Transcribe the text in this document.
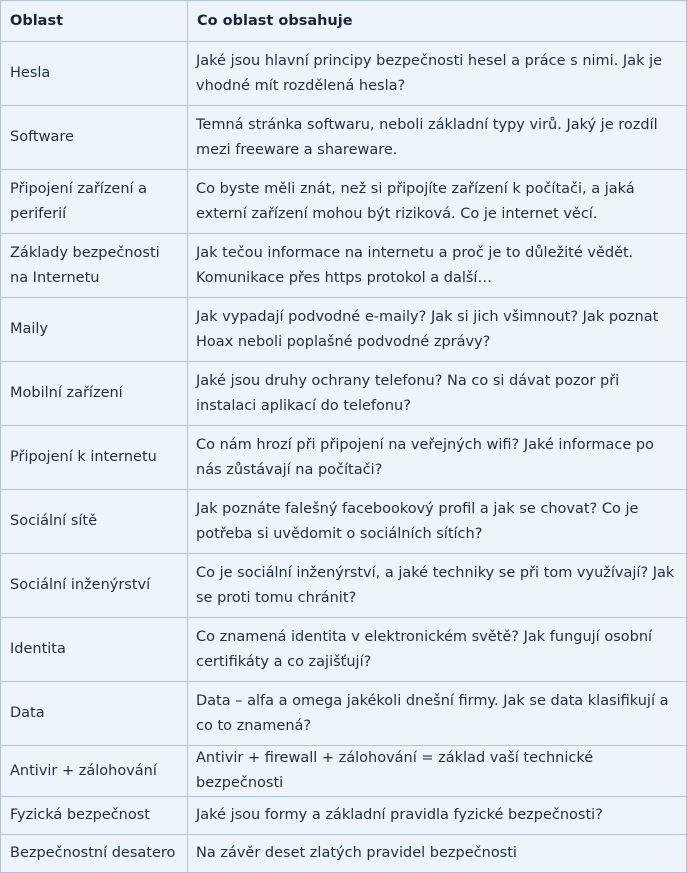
Oblast	Co oblast obsahuje
Hesla	Jaké jsou hlavní principy bezpečnosti hesel a práce s nimi. Jak je vhodné mít rozdělená hesla?
Software	Temná stránka softwaru, neboli základní typy virů. Jaký je rozdíl mezi freeware a shareware.
Připojení zařízení a periferií	Co byste měli znát, než si připojíte zařízení k počítači, a jaká externí zařízení mohou být riziková. Co je internet věcí.
Základy bezpečnosti na Internetu	Jak tečou informace na internetu a proč je to důležité vědět. Komunikace přes https protokol a další…
Maily	Jak vypadají podvodné e-maily? Jak si jich všimnout? Jak poznat Hoax neboli poplašné podvodné zprávy?
Mobilní zařízení	Jaké jsou druhy ochrany telefonu? Na co si dávat pozor při instalaci aplikací do telefonu?
Připojení k internetu	Co nám hrozí při připojení na veřejných wifi? Jaké informace po nás zůstávají na počítači?
Sociální sítě	Jak poznáte falešný facebookový profil a jak se chovat? Co je potřeba si uvědomit o sociálních sítích?
Sociální inženýrství	Co je sociální inženýrství, a jaké techniky se při tom využívají? Jak se proti tomu chránit?
Identita	Co znamená identita v elektronickém světě? Jak fungují osobní certifikáty a co zajišťují?
Data	Data – alfa a omega jakékoli dnešní firmy. Jak se data klasifikují a co to znamená?
Antivir + zálohování	Antivir + firewall + zálohování = základ vaší technické bezpečnosti
Fyzická bezpečnost	Jaké jsou formy a základní pravidla fyzické bezpečnosti?
Bezpečnostní desatero	Na závěr deset zlatých pravidel bezpečnosti
